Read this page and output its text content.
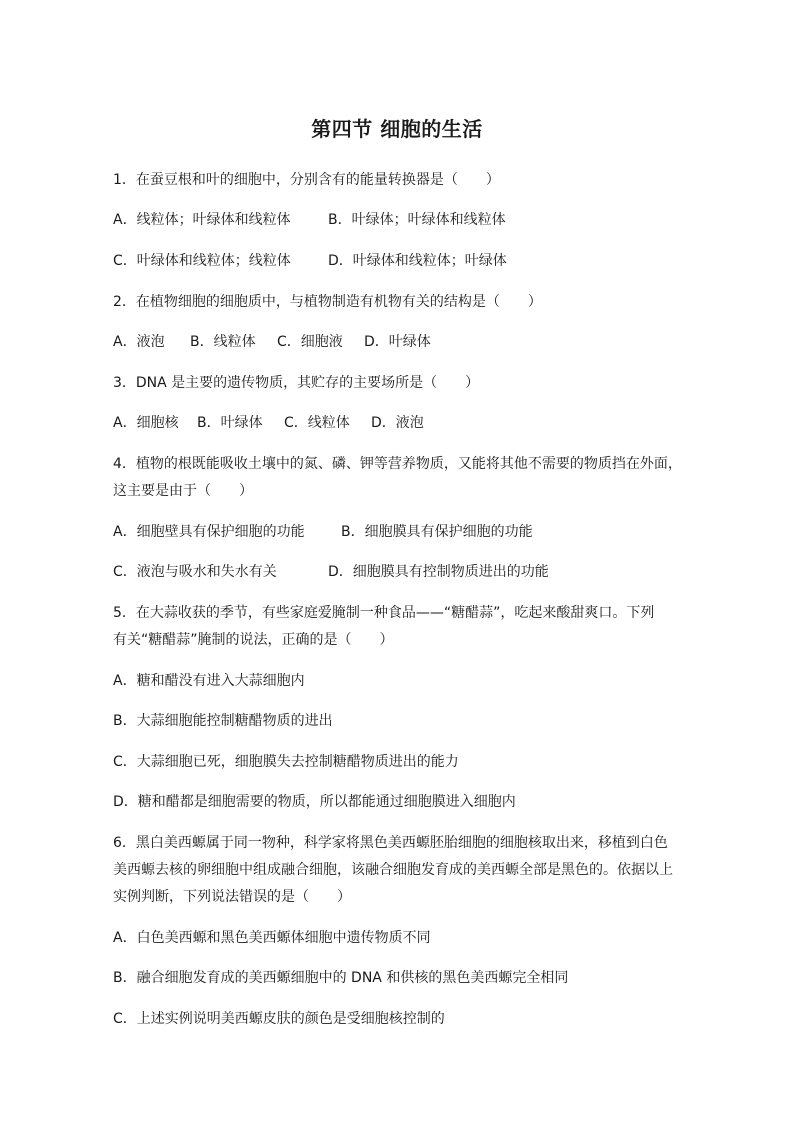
第四节 细胞的生活
1．在蚕豆根和叶的细胞中，分别含有的能量转换器是（　　）
A．线粒体；叶绿体和线粒体	B．叶绿体；叶绿体和线粒体
C．叶绿体和线粒体；线粒体	D．叶绿体和线粒体；叶绿体
2．在植物细胞的细胞质中，与植物制造有机物有关的结构是（　　）
A．液泡 B．线粒体 C．细胞液 D．叶绿体
3．DNA 是主要的遗传物质，其贮存的主要场所是（　　）
A．细胞核 B．叶绿体 C．线粒体 D．液泡
4．植物的根既能吸收土壤中的氮、磷、钾等营养物质，又能将其他不需要的物质挡在外面，
这主要是由于（　　）
A．细胞壁具有保护细胞的功能	B．细胞膜具有保护细胞的功能
C．液泡与吸水和失水有关	D．细胞膜具有控制物质进出的功能
5．在大蒜收获的季节，有些家庭爱腌制一种食品——“糖醋蒜”，吃起来酸甜爽口。下列
有关“糖醋蒜”腌制的说法，正确的是（　　）
A．糖和醋没有进入大蒜细胞内
B．大蒜细胞能控制糖醋物质的进出
C．大蒜细胞已死，细胞膜失去控制糖醋物质进出的能力
D．糖和醋都是细胞需要的物质，所以都能通过细胞膜进入细胞内
6．黑白美西螈属于同一物种，科学家将黑色美西螈胚胎细胞的细胞核取出来，移植到白色
美西螈去核的卵细胞中组成融合细胞，该融合细胞发育成的美西螈全部是黑色的。依据以上
实例判断，下列说法错误的是（　　）
A．白色美西螈和黑色美西螈体细胞中遗传物质不同
B．融合细胞发育成的美西螈细胞中的 DNA 和供核的黑色美西螈完全相同
C．上述实例说明美西螈皮肤的颜色是受细胞核控制的
